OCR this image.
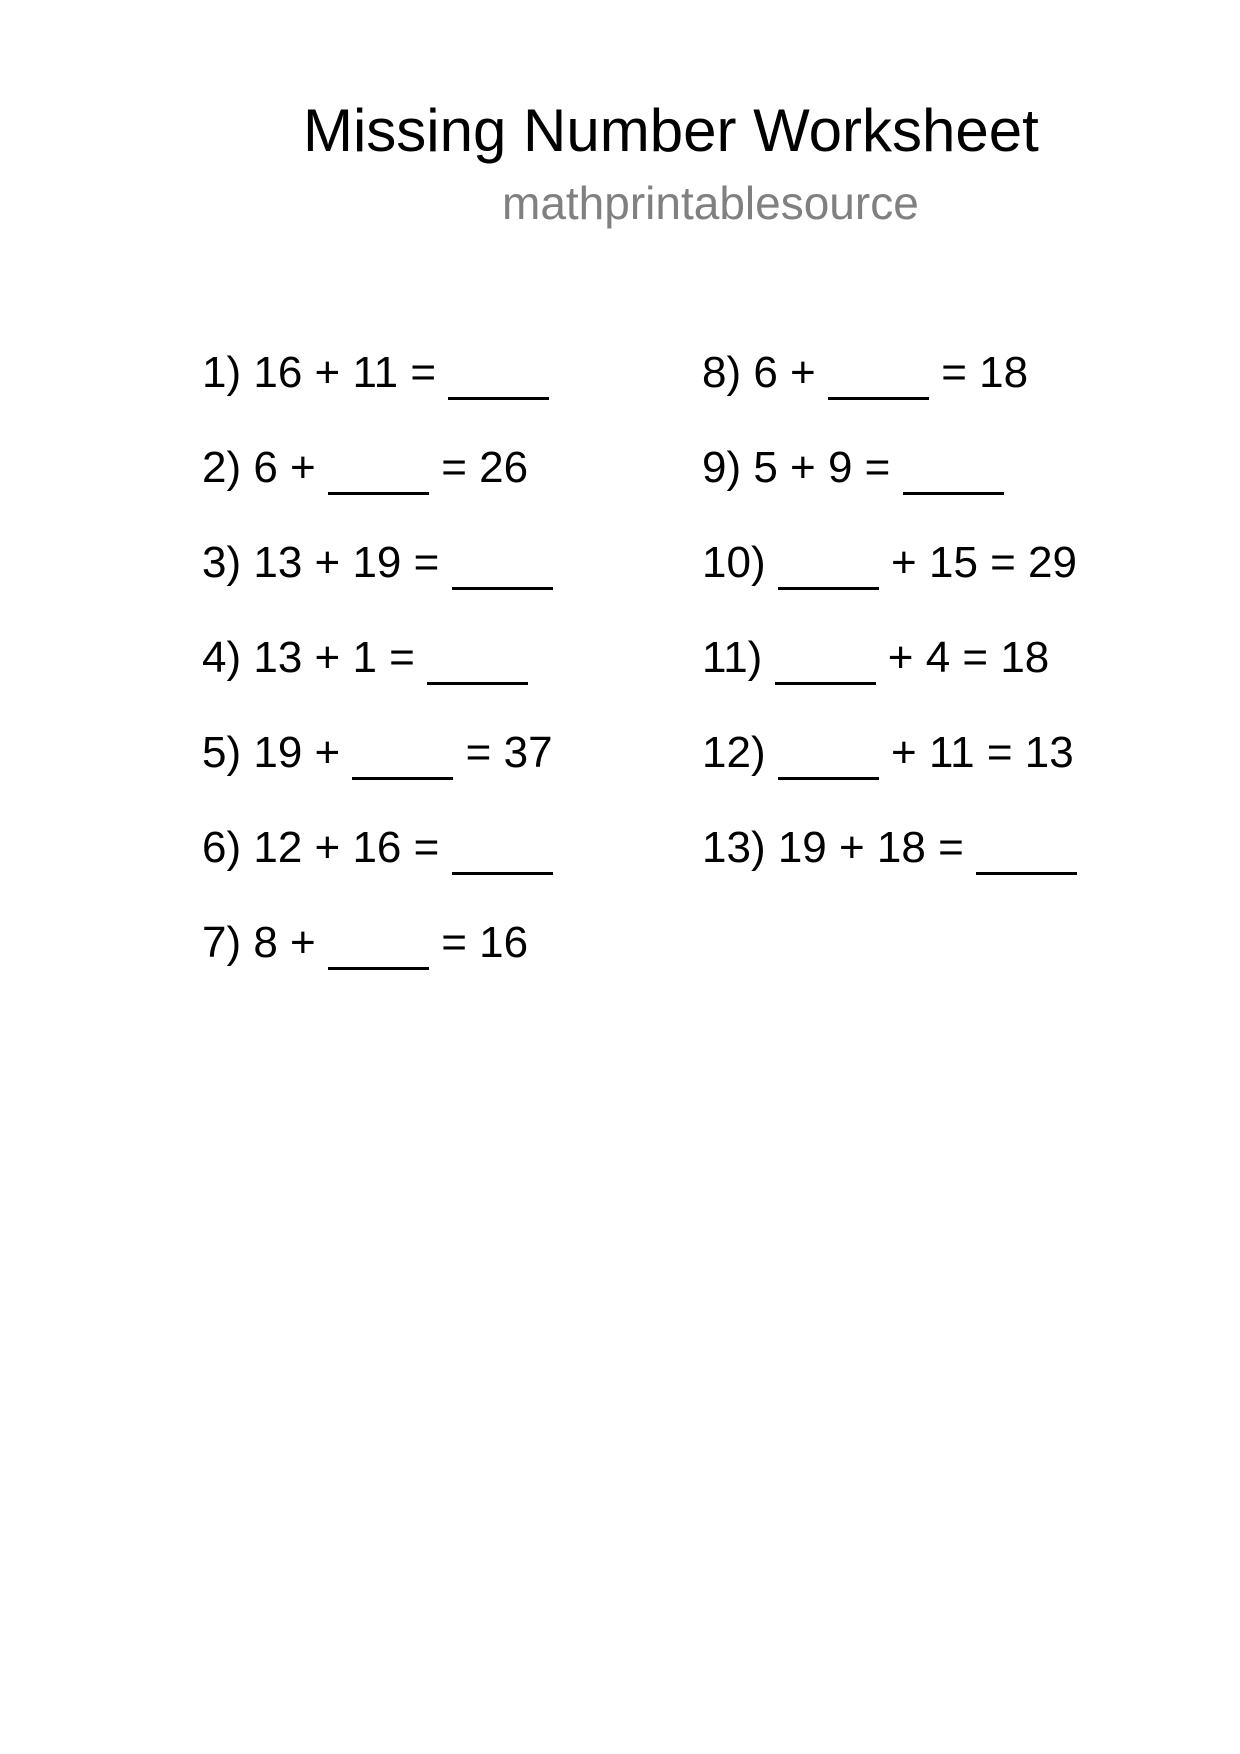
Missing Number Worksheet
mathprintablesource
1) 16 + 11 =
2) 6 +  = 26
3) 13 + 19 =
4) 13 + 1 =
5) 19 +  = 37
6) 12 + 16 =
7) 8 +  = 16
8) 6 +  = 18
9) 5 + 9 =
10)	+ 15 = 29
11)	+ 4 = 18
12)	+ 11 = 13
13) 19 + 18 =
